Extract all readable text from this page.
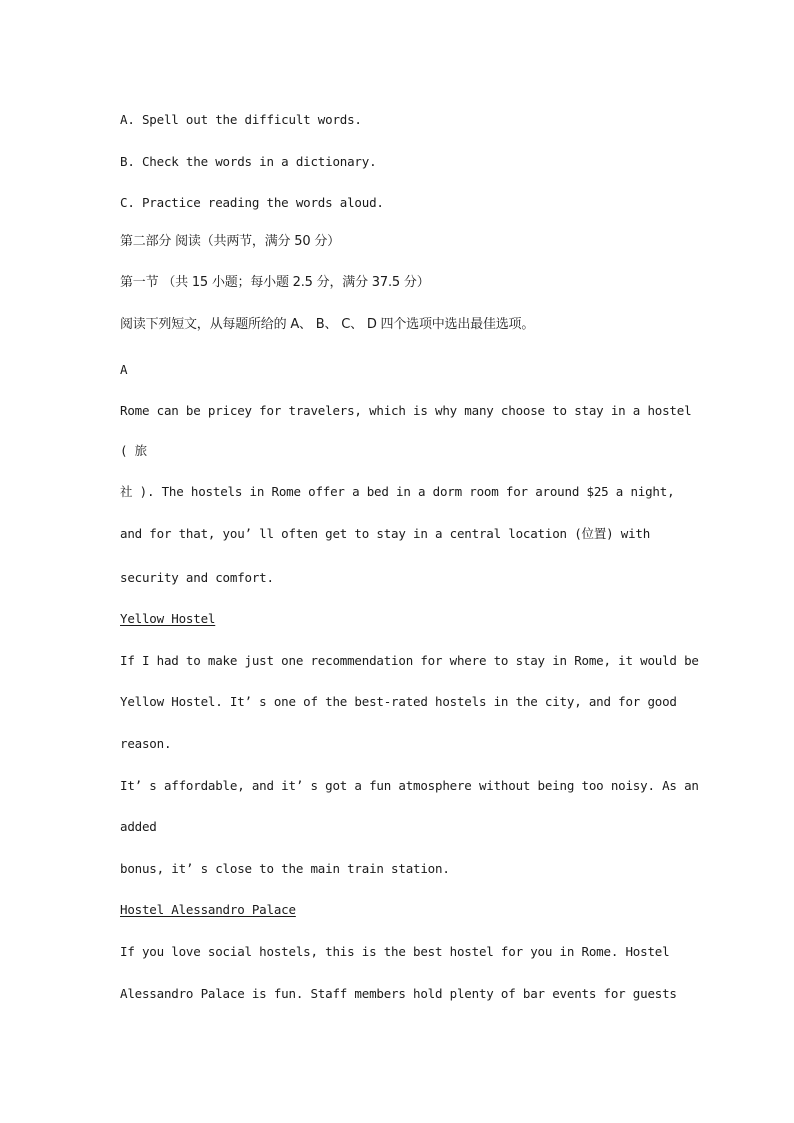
A. Spell out the difficult words.
B. Check the words in a dictionary.
C. Practice reading the words aloud.
第二部分 阅读（共两节，满分 50 分）
第一节 （共 15 小题；每小题 2.5 分，满分 37.5 分）
阅读下列短文，从每题所给的 A、 B、 C、 D 四个选项中选出最佳选项。
A
Rome can be pricey for travelers, which is why many choose to stay in a hostel
( 旅
社 ). The hostels in Rome offer a bed in a dorm room for around $25 a night,
and for that, you’ ll often get to stay in a central location (位置) with
security and comfort.
Yellow Hostel
If I had to make just one recommendation for where to stay in Rome, it would be
Yellow Hostel. It’ s one of the best-rated hostels in the city, and for good
reason.
It’ s affordable, and it’ s got a fun atmosphere without being too noisy. As an
added
bonus, it’ s close to the main train station.
Hostel Alessandro Palace
If you love social hostels, this is the best hostel for you in Rome. Hostel
Alessandro Palace is fun. Staff members hold plenty of bar events for guests
